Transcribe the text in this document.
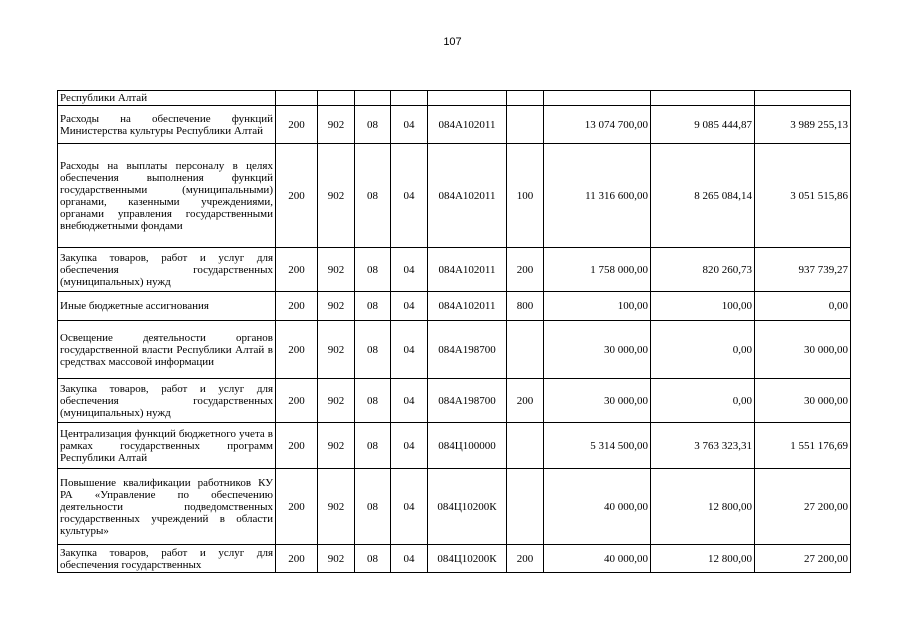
107
Республики Алтай									
Расходы на обеспечение функций Министерства культуры Республики Алтай	200	902	08	04	084А102011		13 074 700,00	9 085 444,87	3 989 255,13
Расходы на выплаты персоналу в целях обеспечения выполнения функций государственными (муниципальными) органами, казенными учреждениями, органами управления государственными внебюджетными фондами	200	902	08	04	084А102011	100	11 316 600,00	8 265 084,14	3 051 515,86
Закупка товаров, работ и услуг для обеспечения государственных (муниципальных) нужд	200	902	08	04	084А102011	200	1 758 000,00	820 260,73	937 739,27
Иные бюджетные ассигнования	200	902	08	04	084А102011	800	100,00	100,00	0,00
Освещение деятельности органов государственной власти Республики Алтай в средствах массовой информации	200	902	08	04	084А198700		30 000,00	0,00	30 000,00
Закупка товаров, работ и услуг для обеспечения государственных (муниципальных) нужд	200	902	08	04	084А198700	200	30 000,00	0,00	30 000,00
Централизация функций бюджетного учета в рамках государственных программ Республики Алтай	200	902	08	04	084Ц100000		5 314 500,00	3 763 323,31	1 551 176,69
Повышение квалификации работников КУ РА «Управление по обеспечению деятельности подведомственных государственных учреждений в области культуры»	200	902	08	04	084Ц10200К		40 000,00	12 800,00	27 200,00
Закупка товаров, работ и услуг для обеспечения государственных	200	902	08	04	084Ц10200К	200	40 000,00	12 800,00	27 200,00
